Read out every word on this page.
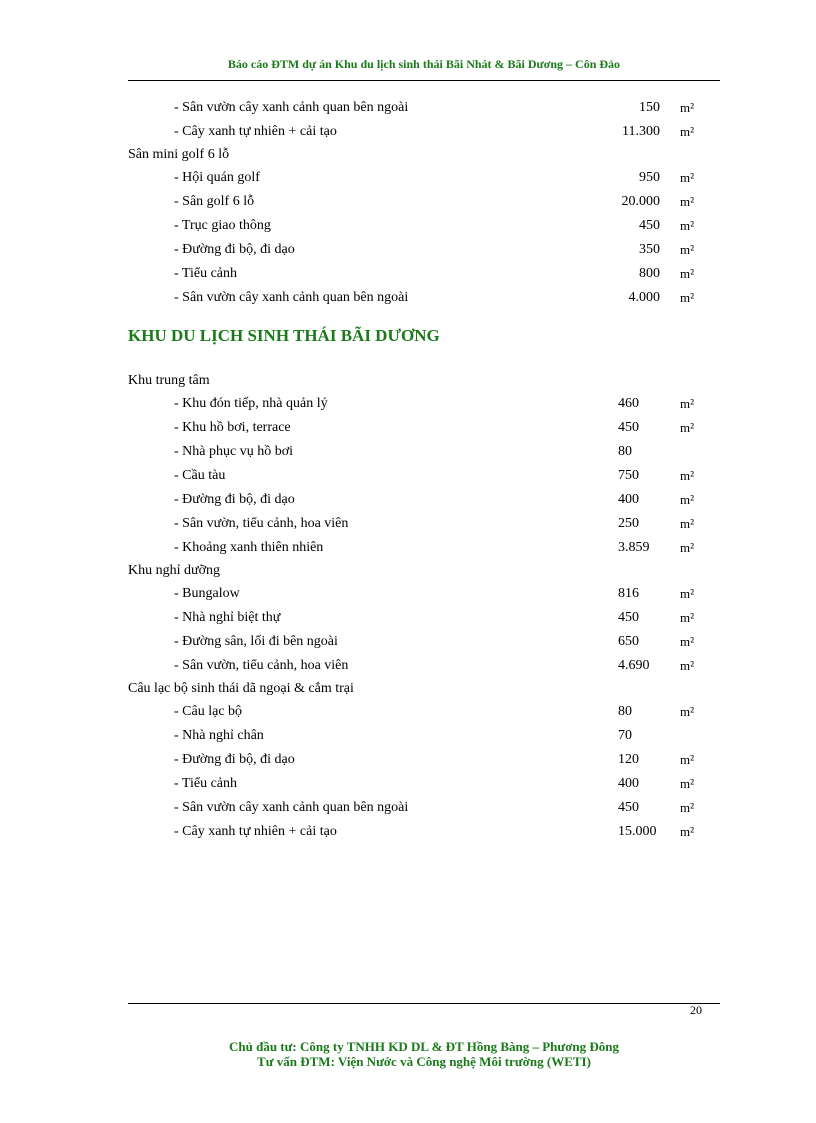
Báo cáo ĐTM dự án Khu du lịch sinh thái Bãi Nhát & Bãi Dương – Côn Đảo
- Sân vườn cây xanh cảnh quan bên ngoài	150 m²
- Cây xanh tự nhiên + cải tạo	11.300 m²
Sân mini golf 6 lỗ
- Hội quán golf	950 m²
- Sân golf 6 lỗ	20.000 m²
- Trục giao thông	450 m²
- Đường đi bộ, đi dạo	350 m²
- Tiểu cảnh	800 m²
- Sân vườn cây xanh cảnh quan bên ngoài	4.000 m²
KHU DU LỊCH SINH THÁI BÃI DƯƠNG
Khu trung tâm
- Khu đón tiếp, nhà quản lý	460	m²
- Khu hồ bơi, terrace	450	m²
- Nhà phục vụ hồ bơi	80
- Cầu tàu	750	m²
- Đường đi bộ, đi dạo	400	m²
- Sân vườn, tiểu cảnh, hoa viên	250	m²
- Khoảng xanh thiên nhiên	3.859 m²
Khu nghỉ dưỡng
- Bungalow	816	m²
- Nhà nghỉ biệt thự	450	m²
- Đường sân, lối đi bên ngoài	650	m²
- Sân vườn, tiểu cảnh, hoa viên	4.690 m²
Câu lạc bộ sinh thái dã ngoại & cắm trại
- Câu lạc bộ	80	m²
- Nhà nghỉ chân	70
- Đường đi bộ, đi dạo	120	m²
- Tiểu cảnh	400	m²
- Sân vườn cây xanh cảnh quan bên ngoài	450	m²
- Cây xanh tự nhiên + cải tạo	15.000 m²
20
Chủ đầu tư: Công ty TNHH KD DL & ĐT Hồng Bàng – Phương Đông
Tư vấn ĐTM: Viện Nước và Công nghệ Môi trường (WETI)
